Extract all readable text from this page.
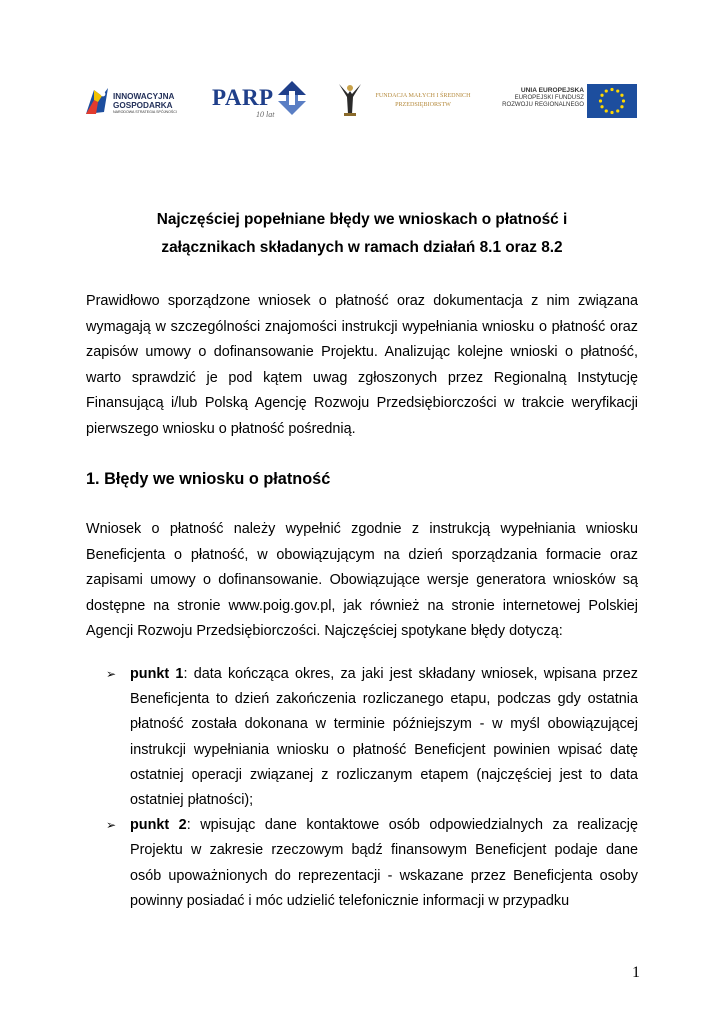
INNOWACYJNA
GOSPODARKA
NARODOWA STRATEGIA SPÓJNOŚCI
PARP
10 lat
FUNDACJA MAŁYCH I ŚREDNICH
PRZEDSIĘBIORSTW
UNIA EUROPEJSKA
EUROPEJSKI FUNDUSZ
ROZWOJU REGIONALNEGO
Najczęściej popełniane błędy we wnioskach o płatność i
załącznikach składanych w ramach działań 8.1 oraz 8.2

Prawidłowo sporządzone wniosek o płatność oraz dokumentacja z nim związana wymagają w szczególności znajomości instrukcji wypełniania wniosku o płatność oraz zapisów umowy o dofinansowanie Projektu. Analizując kolejne wnioski o płatność, warto sprawdzić je pod kątem uwag zgłoszonych przez Regionalną Instytucję Finansującą i/lub Polską Agencję Rozwoju Przedsiębiorczości w trakcie weryfikacji pierwszego wniosku o płatność pośrednią.

1. Błędy we wniosku o płatność

Wniosek o płatność należy wypełnić zgodnie z instrukcją wypełniania wniosku Beneficjenta o płatność, w obowiązującym na dzień sporządzania formacie oraz zapisami umowy o dofinansowanie. Obowiązujące wersje generatora wniosków są dostępne na stronie www.poig.gov.pl, jak również na stronie internetowej Polskiej Agencji Rozwoju Przedsiębiorczości. Najczęściej spotykane błędy dotyczą:

➢ punkt 1: data kończąca okres, za jaki jest składany wniosek, wpisana przez Beneficjenta to dzień zakończenia rozliczanego etapu, podczas gdy ostatnia płatność została dokonana w terminie późniejszym - w myśl obowiązującej instrukcji wypełniania wniosku o płatność Beneficjent powinien wpisać datę ostatniej operacji związanej z rozliczanym etapem (najczęściej jest to data ostatniej płatności);
➢ punkt 2: wpisując dane kontaktowe osób odpowiedzialnych za realizację Projektu w zakresie rzeczowym bądź finansowym Beneficjent podaje dane osób upoważnionych do reprezentacji - wskazane przez Beneficjenta osoby powinny posiadać i móc udzielić telefonicznie informacji w przypadku
1
